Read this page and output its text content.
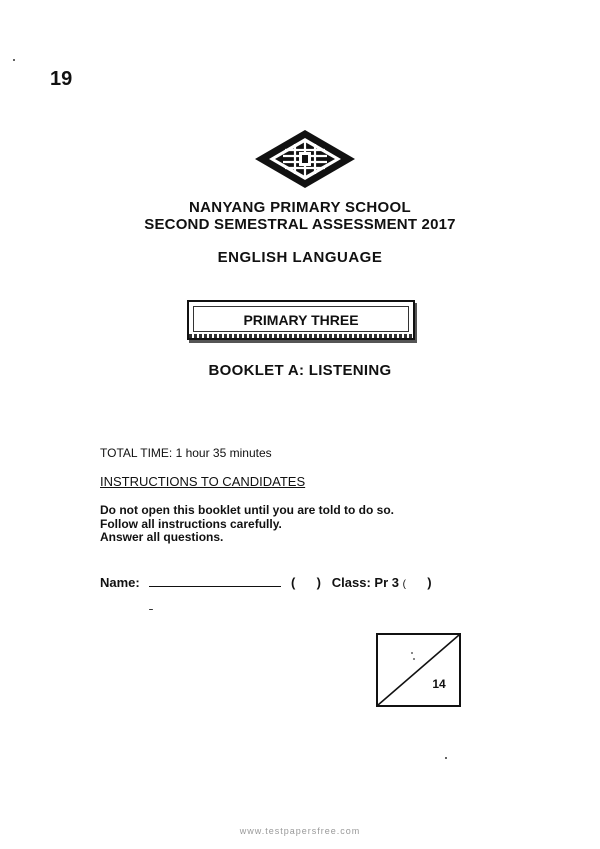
19
NANYANG PRIMARY SCHOOL
SECOND SEMESTRAL ASSESSMENT 2017
ENGLISH LANGUAGE
PRIMARY THREE
BOOKLET A: LISTENING
TOTAL TIME: 1 hour 35 minutes
INSTRUCTIONS TO CANDIDATES
Do not open this booklet until you are told to do so.
Follow all instructions carefully.
Answer all questions.
Name:	( ) Class: Pr 3 ( )
14
www.testpapersfree.com
